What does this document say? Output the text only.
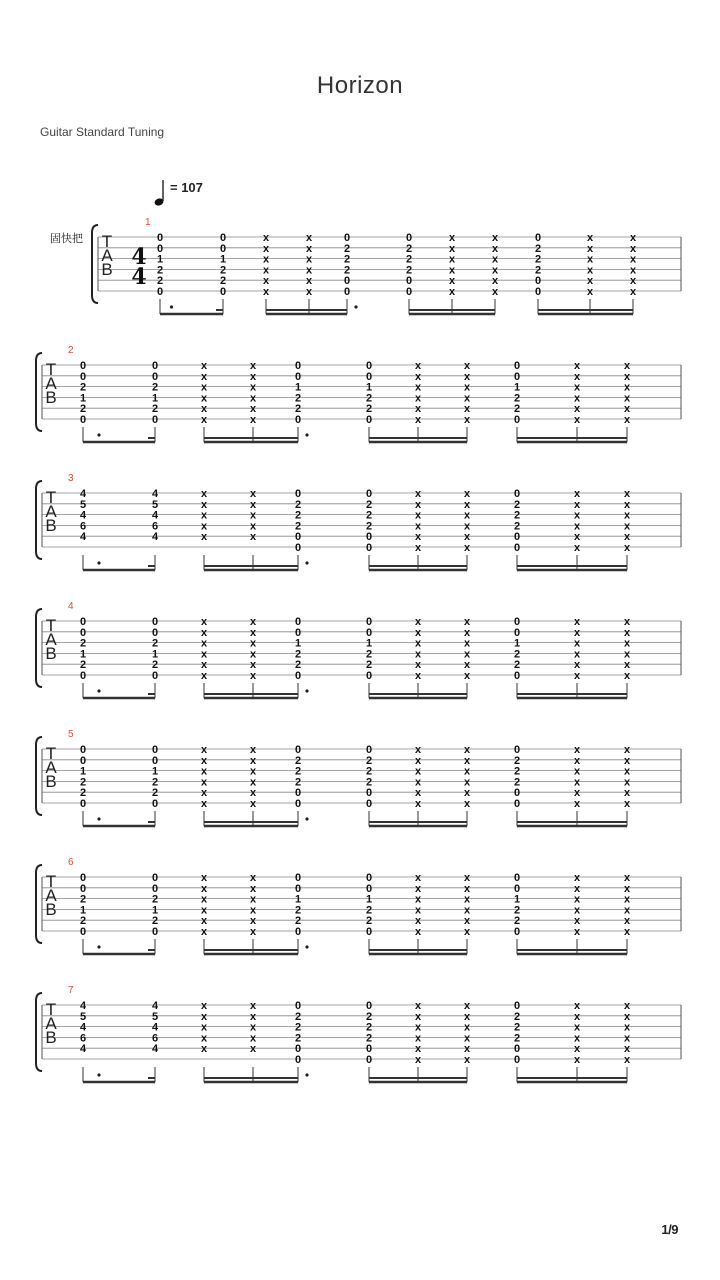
Horizon
Guitar Standard Tuning
= 107
固快把
1/9
1
T
A
B 4
4
0
0
1
2
2
0
0
0
1
2
2
0
x
x
x
x
x
x
x
x
x
x
x
x
0
2
2
2
0
0
0
2
2
2
0
0
x
x
x
x
x
x
x
x
x
x
x
x
0
2
2
2
0
0
x
x
x
x
x
x
x
x
x
x
x
x
2
T
A
B
0
0
2
1
2
0
0
0
2
1
2
0
x
x
x
x
x
x
x
x
x
x
x
x
0
0
1
2
2
0
0
0
1
2
2
0
x
x
x
x
x
x
x
x
x
x
x
x
0
0
1
2
2
0
x
x
x
x
x
x
x
x
x
x
x
x
3
T
A
B
4
5
4
6
4
4
5
4
6
4
x
x
x
x
x
x
x
x
x
x
0
2
2
2
0
0
0
2
2
2
0
0
x
x
x
x
x
x
x
x
x
x
x
x
0
2
2
2
0
0
x
x
x
x
x
x
x
x
x
x
x
x
4
T
A
B
0
0
2
1
2
0
0
0
2
1
2
0
x
x
x
x
x
x
x
x
x
x
x
x
0
0
1
2
2
0
0
0
1
2
2
0
x
x
x
x
x
x
x
x
x
x
x
x
0
0
1
2
2
0
x
x
x
x
x
x
x
x
x
x
x
x
5
T
A
B
0
0
1
2
2
0
0
0
1
2
2
0
x
x
x
x
x
x
x
x
x
x
x
x
0
2
2
2
0
0
0
2
2
2
0
0
x
x
x
x
x
x
x
x
x
x
x
x
0
2
2
2
0
0
x
x
x
x
x
x
x
x
x
x
x
x
6
T
A
B
0
0
2
1
2
0
0
0
2
1
2
0
x
x
x
x
x
x
x
x
x
x
x
x
0
0
1
2
2
0
0
0
1
2
2
0
x
x
x
x
x
x
x
x
x
x
x
x
0
0
1
2
2
0
x
x
x
x
x
x
x
x
x
x
x
x
7
T
A
B
4
5
4
6
4
4
5
4
6
4
x
x
x
x
x
x
x
x
x
x
0
2
2
2
0
0
0
2
2
2
0
0
x
x
x
x
x
x
x
x
x
x
x
x
0
2
2
2
0
0
x
x
x
x
x
x
x
x
x
x
x
x
